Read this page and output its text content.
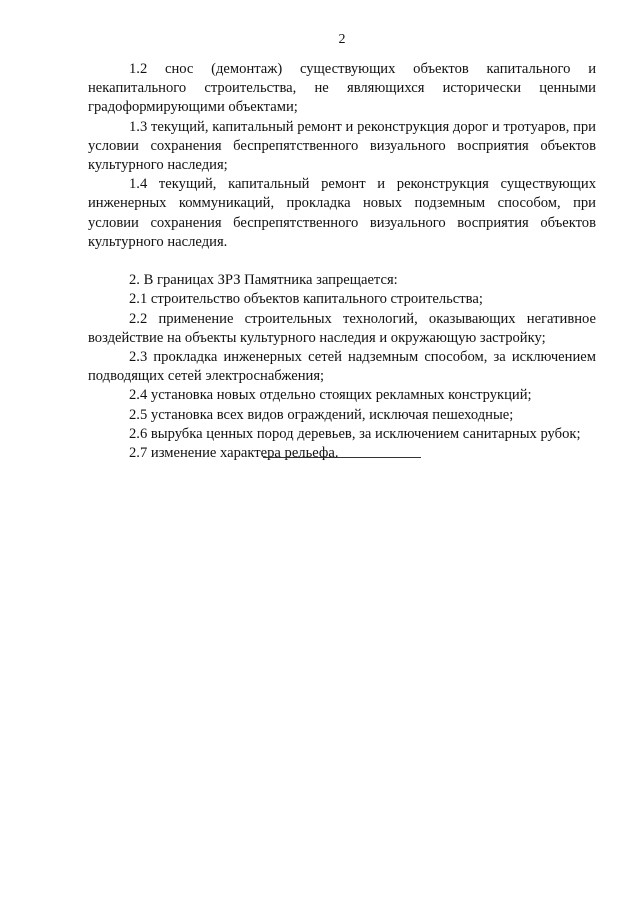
2

1.2 снос (демонтаж) существующих объектов капитального и некапитального строительства, не являющихся исторически ценными градоформирующими объектами;

1.3 текущий, капитальный ремонт и реконструкция дорог и тротуаров, при условии сохранения беспрепятственного визуального восприятия объектов культурного наследия;

1.4 текущий, капитальный ремонт и реконструкция существующих инженерных коммуникаций, прокладка новых подземным способом, при условии сохранения беспрепятственного визуального восприятия объектов культурного наследия.

2. В границах ЗРЗ Памятника запрещается:

2.1 строительство объектов капитального строительства;

2.2 применение строительных технологий, оказывающих негативное воздействие на объекты культурного наследия и окружающую застройку;

2.3 прокладка инженерных сетей надземным способом, за исключением подводящих сетей электроснабжения;

2.4 установка новых отдельно стоящих рекламных конструкций;

2.5 установка всех видов ограждений, исключая пешеходные;

2.6 вырубка ценных пород деревьев, за исключением санитарных рубок;

2.7 изменение характера рельефа.
